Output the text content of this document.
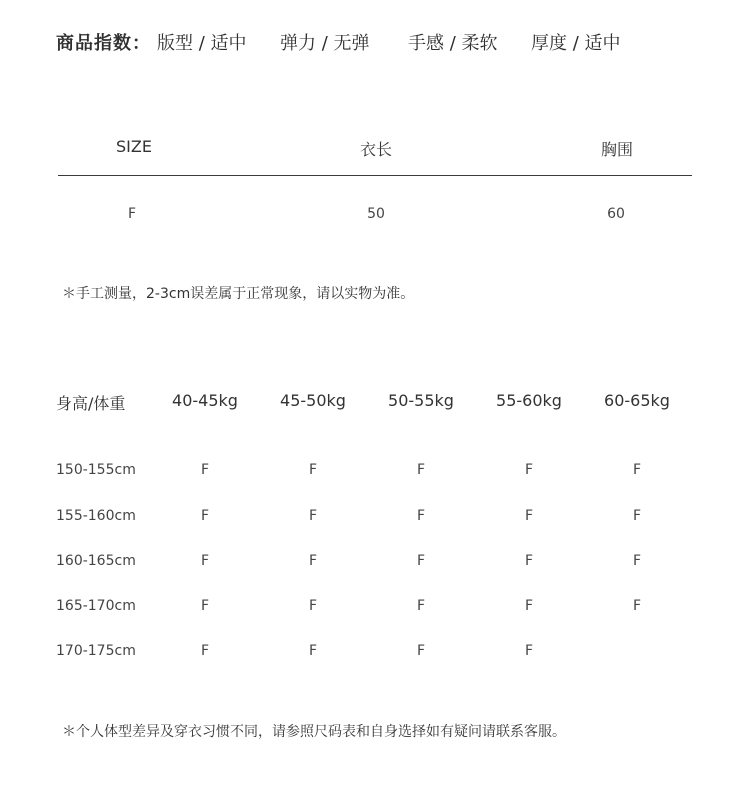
商品指数： 版型 / 适中 弹力 / 无弹 手感 / 柔软 厚度 / 适中
SIZE	衣长	胸围
F	50	60
＊手工测量，2-3cm误差属于正常现象，请以实物为准。
身高/体重	40-45kg	45-50kg	50-55kg	55-60kg	60-65kg
150-155cm	F	F	F	F	F
155-160cm	F	F	F	F	F
160-165cm	F	F	F	F	F
165-170cm	F	F	F	F	F
170-175cm	F	F	F	F
＊个人体型差异及穿衣习惯不同，请参照尺码表和自身选择如有疑问请联系客服。
